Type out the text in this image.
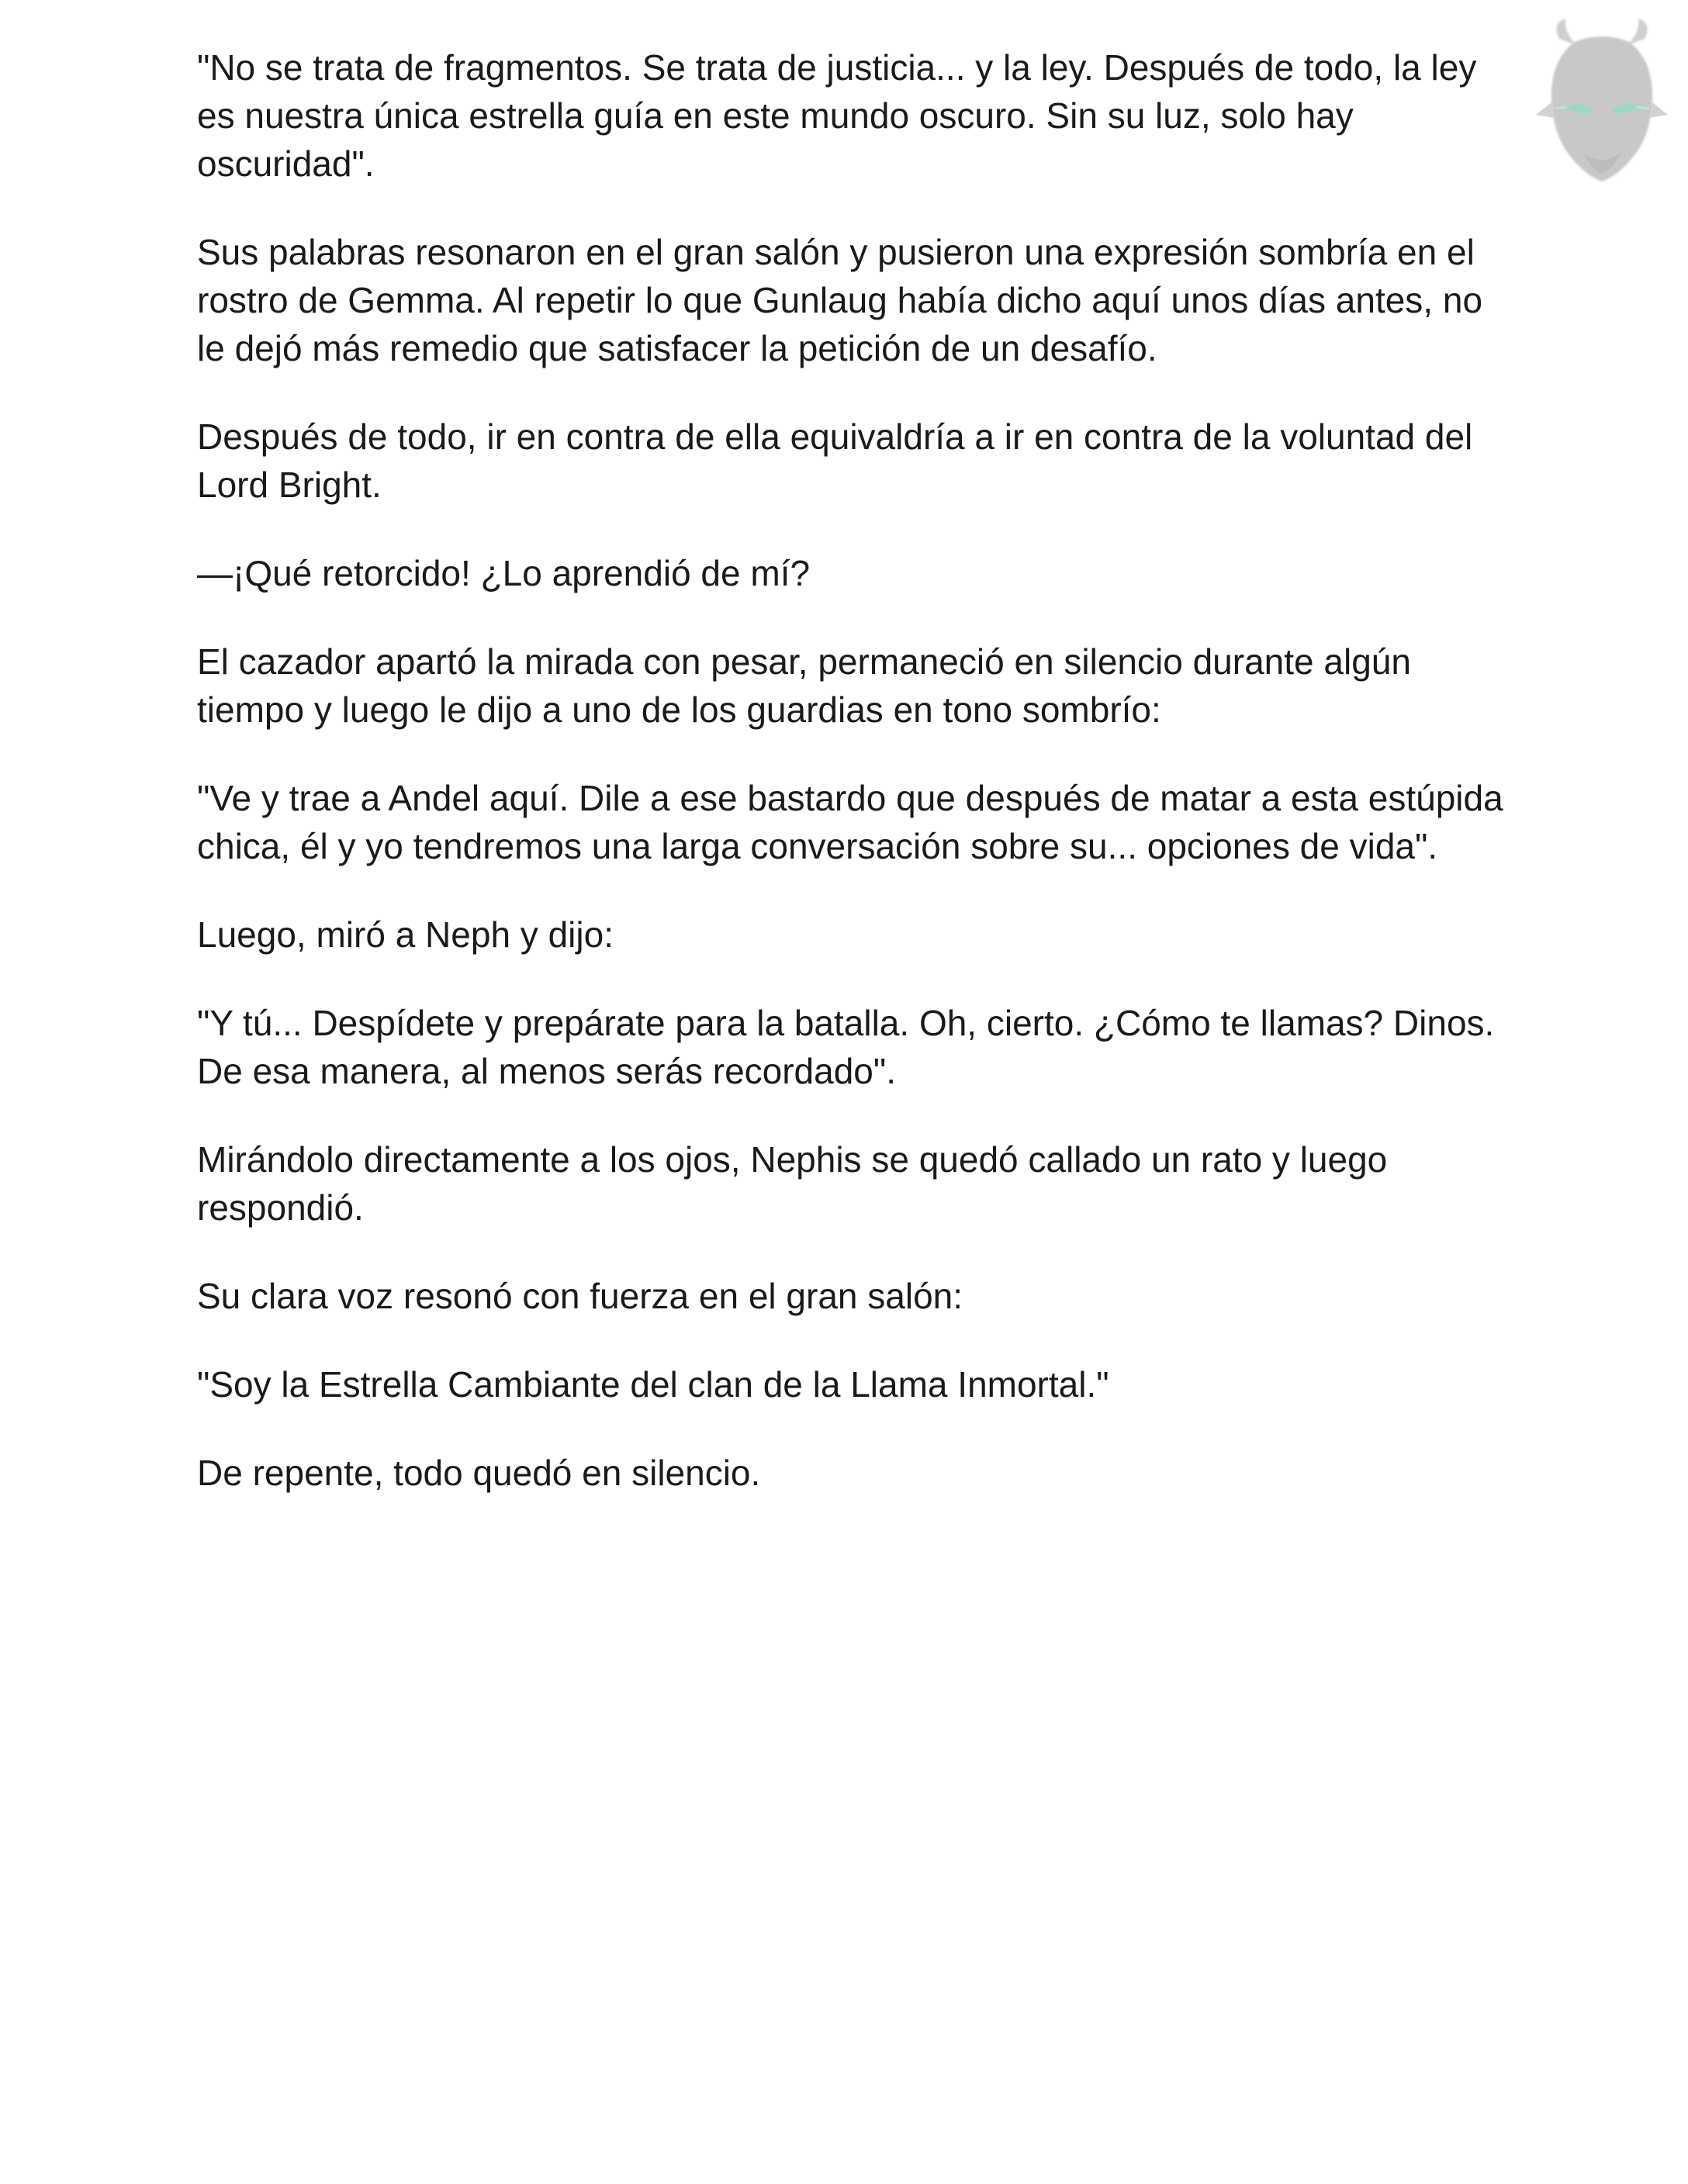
"No se trata de fragmentos. Se trata de justicia... y la ley. Después de todo, la ley es nuestra única estrella guía en este mundo oscuro. Sin su luz, solo hay oscuridad".

Sus palabras resonaron en el gran salón y pusieron una expresión sombría en el rostro de Gemma. Al repetir lo que Gunlaug había dicho aquí unos días antes, no le dejó más remedio que satisfacer la petición de un desafío.

Después de todo, ir en contra de ella equivaldría a ir en contra de la voluntad del Lord Bright.

—¡Qué retorcido! ¿Lo aprendió de mí?

El cazador apartó la mirada con pesar, permaneció en silencio durante algún tiempo y luego le dijo a uno de los guardias en tono sombrío:

"Ve y trae a Andel aquí. Dile a ese bastardo que después de matar a esta estúpida chica, él y yo tendremos una larga conversación sobre su... opciones de vida".

Luego, miró a Neph y dijo:

"Y tú... Despídete y prepárate para la batalla. Oh, cierto. ¿Cómo te llamas? Dinos. De esa manera, al menos serás recordado".

Mirándolo directamente a los ojos, Nephis se quedó callado un rato y luego respondió.

Su clara voz resonó con fuerza en el gran salón:

"Soy la Estrella Cambiante del clan de la Llama Inmortal."

De repente, todo quedó en silencio.
